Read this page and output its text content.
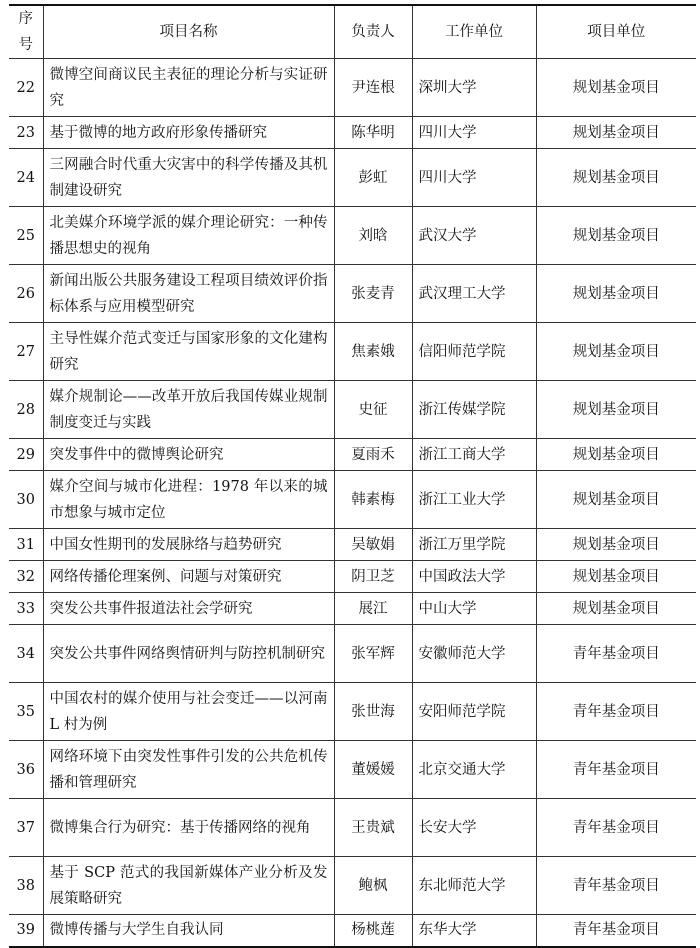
序号	项目名称	负责人	工作单位	项目单位
22	微博空间商议民主表征的理论分析与实证研究	尹连根	深圳大学	规划基金项目
23	基于微博的地方政府形象传播研究	陈华明	四川大学	规划基金项目
24	三网融合时代重大灾害中的科学传播及其机制建设研究	彭虹	四川大学	规划基金项目
25	北美媒介环境学派的媒介理论研究：一种传播思想史的视角	刘晗	武汉大学	规划基金项目
26	新闻出版公共服务建设工程项目绩效评价指标体系与应用模型研究	张麦青	武汉理工大学	规划基金项目
27	主导性媒介范式变迁与国家形象的文化建构研究	焦素娥	信阳师范学院	规划基金项目
28	媒介规制论——改革开放后我国传媒业规制制度变迁与实践	史征	浙江传媒学院	规划基金项目
29	突发事件中的微博舆论研究	夏雨禾	浙江工商大学	规划基金项目
30	媒介空间与城市化进程：1978 年以来的城市想象与城市定位	韩素梅	浙江工业大学	规划基金项目
31	中国女性期刊的发展脉络与趋势研究	吴敏娟	浙江万里学院	规划基金项目
32	网络传播伦理案例、问题与对策研究	阴卫芝	中国政法大学	规划基金项目
33	突发公共事件报道法社会学研究	展江	中山大学	规划基金项目
34	突发公共事件网络舆情研判与防控机制研究	张军辉	安徽师范大学	青年基金项目
35	中国农村的媒介使用与社会变迁——以河南 L 村为例	张世海	安阳师范学院	青年基金项目
36	网络环境下由突发性事件引发的公共危机传播和管理研究	董媛媛	北京交通大学	青年基金项目
37	微博集合行为研究：基于传播网络的视角	王贵斌	长安大学	青年基金项目
38	基于 SCP 范式的我国新媒体产业分析及发展策略研究	鲍枫	东北师范大学	青年基金项目
39	微博传播与大学生自我认同	杨桃莲	东华大学	青年基金项目
